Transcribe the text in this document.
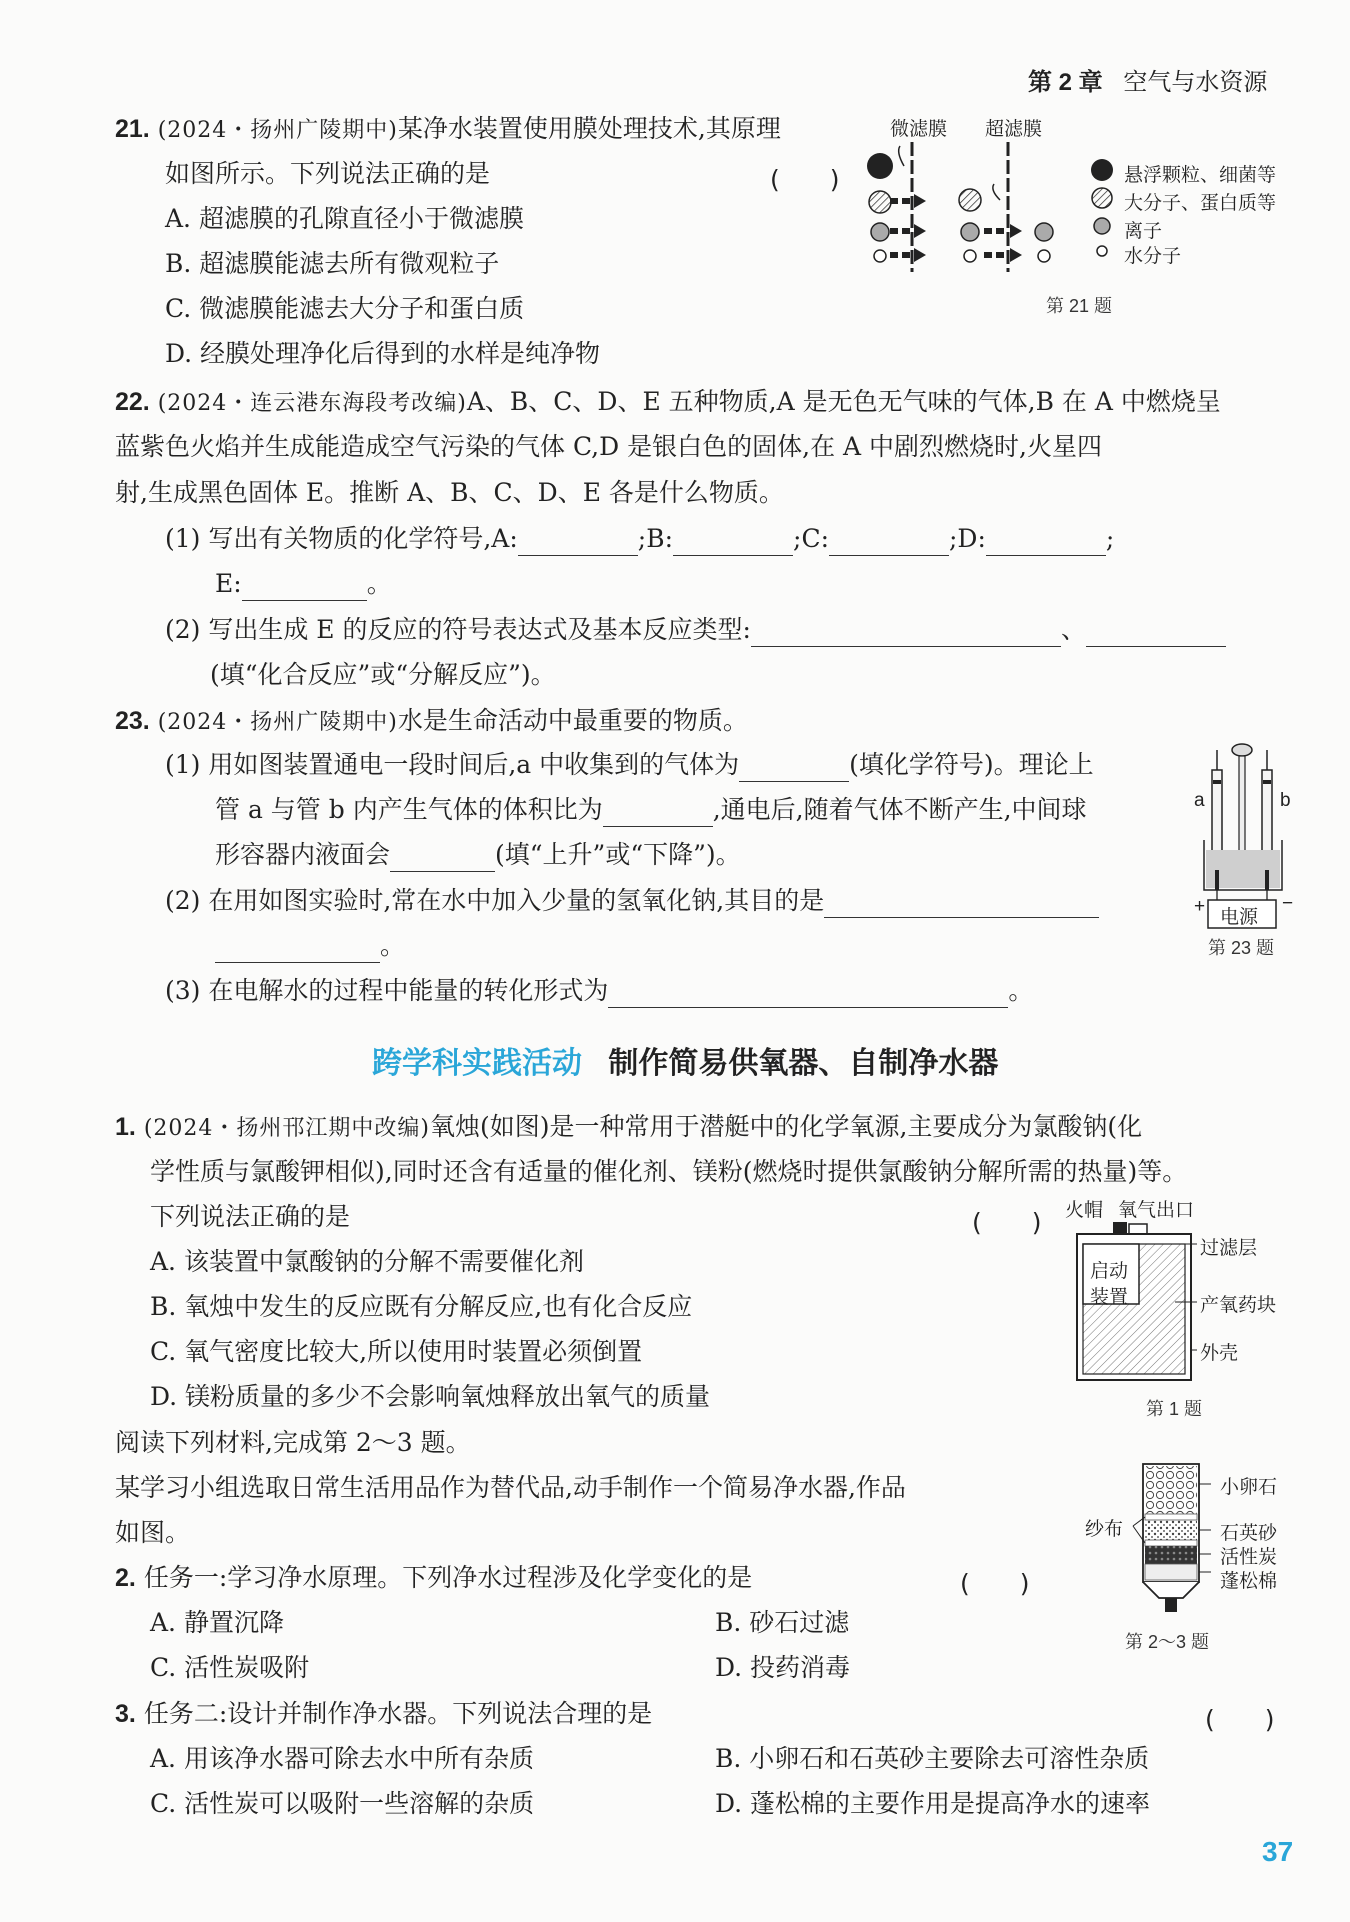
第 2 章 空气与水资源
21. (2024・扬州广陵期中)某净水装置使用膜处理技术,其原理
如图所示。下列说法正确的是	(　　)
A. 超滤膜的孔隙直径小于微滤膜
B. 超滤膜能滤去所有微观粒子
C. 微滤膜能滤去大分子和蛋白质
D. 经膜处理净化后得到的水样是纯净物
微滤膜 超滤膜
悬浮颗粒、细菌等
大分子、蛋白质等
离子
水分子
第 21 题
22. (2024・连云港东海段考改编)A、B、C、D、E 五种物质,A 是无色无气味的气体,B 在 A 中燃烧呈
蓝紫色火焰并生成能造成空气污染的气体 C,D 是银白色的固体,在 A 中剧烈燃烧时,火星四
射,生成黑色固体 E。推断 A、B、C、D、E 各是什么物质。
(1) 写出有关物质的化学符号,A:	;B:	;C:	;D:	;
E:	。
(2) 写出生成 E 的反应的符号表达式及基本反应类型:	、
(填“化合反应”或“分解反应”)。
23. (2024・扬州广陵期中)水是生命活动中最重要的物质。
(1) 用如图装置通电一段时间后,a 中收集到的气体为	(填化学符号)。理论上
管 a 与管 b 内产生气体的体积比为	,通电后,随着气体不断产生,中间球
形容器内液面会	(填“上升”或“下降”)。
(2) 在用如图实验时,常在水中加入少量的氢氧化钠,其目的是
。
(3) 在电解水的过程中能量的转化形式为	。
a	b
+	−
电源
第 23 题
跨学科实践活动 制作简易供氧器、自制净水器
1. (2024・扬州邗江期中改编)氧烛(如图)是一种常用于潜艇中的化学氧源,主要成分为氯酸钠(化
学性质与氯酸钾相似),同时还含有适量的催化剂、镁粉(燃烧时提供氯酸钠分解所需的热量)等。
下列说法正确的是	(　　)
A. 该装置中氯酸钠的分解不需要催化剂
B. 氧烛中发生的反应既有分解反应,也有化合反应
C. 氧气密度比较大,所以使用时装置必须倒置
D. 镁粉质量的多少不会影响氧烛释放出氧气的质量
火帽 氧气出口
启动
装置
过滤层
产氧药块
外壳
第 1 题
阅读下列材料,完成第 2～3 题。
某学习小组选取日常生活用品作为替代品,动手制作一个简易净水器,作品
如图。
2. 任务一:学习净水原理。下列净水过程涉及化学变化的是	(　　)
A. 静置沉降	B. 砂石过滤
C. 活性炭吸附	D. 投药消毒
纱布
小卵石
石英砂
活性炭
蓬松棉
第 2～3 题
3. 任务二:设计并制作净水器。下列说法合理的是	(　　)
A. 用该净水器可除去水中所有杂质	B. 小卵石和石英砂主要除去可溶性杂质
C. 活性炭可以吸附一些溶解的杂质	D. 蓬松棉的主要作用是提高净水的速率
37
